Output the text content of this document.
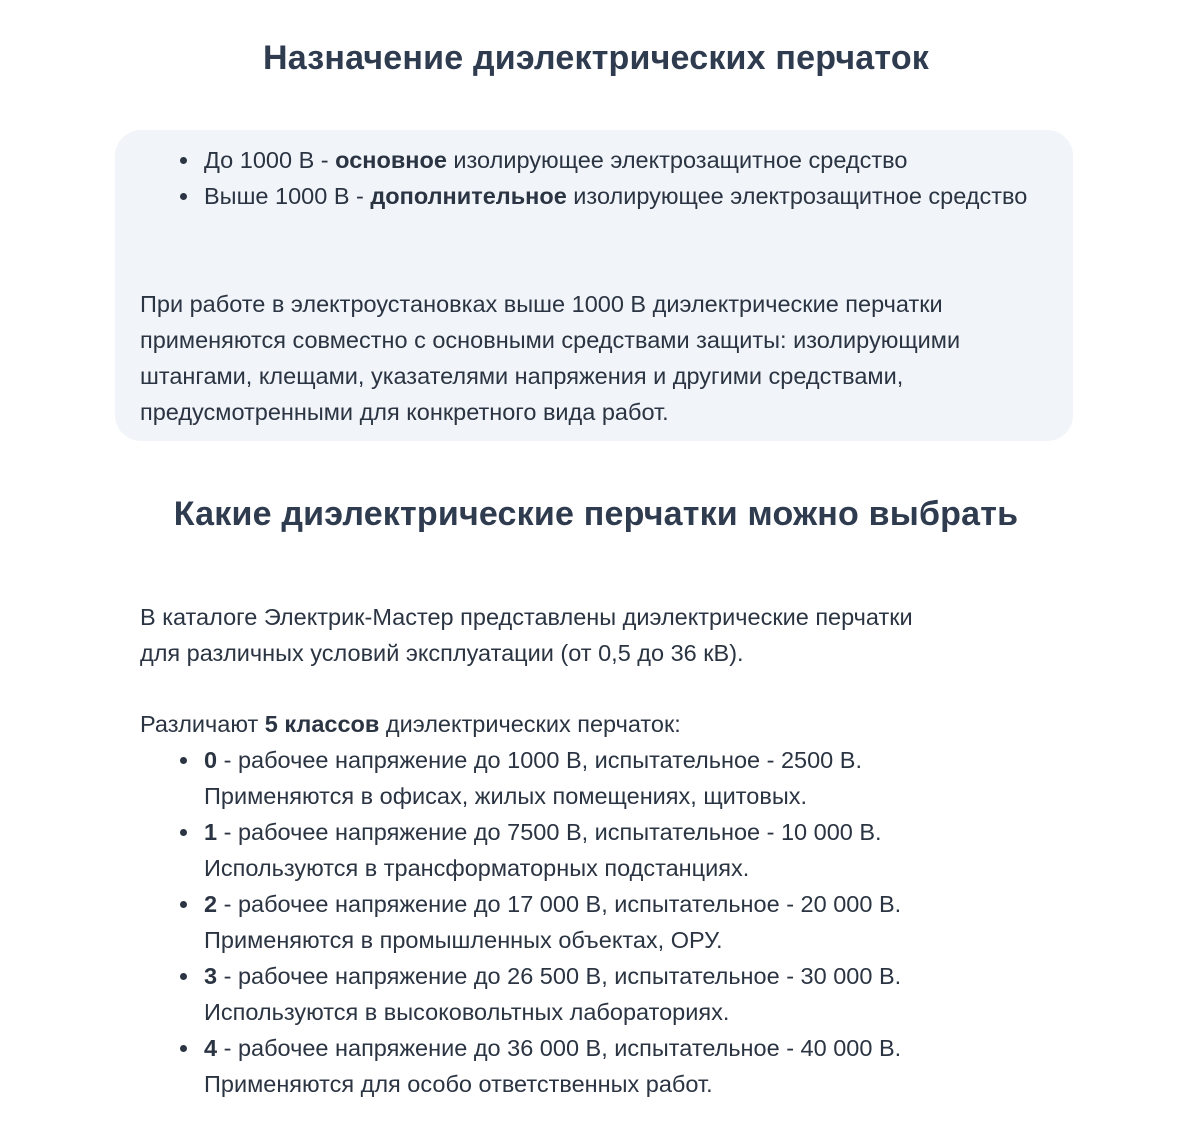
Назначение диэлектрических перчаток
До 1000 В - основное изолирующее электрозащитное средство
Выше 1000 В - дополнительное изолирующее электрозащитное средство

При работе в электроустановках выше 1000 В диэлектрические перчатки
применяются совместно с основными средствами защиты: изолирующими
штангами, клещами, указателями напряжения и другими средствами,
предусмотренными для конкретного вида работ.

Какие диэлектрические перчатки можно выбрать

В каталоге Электрик-Мастер представлены диэлектрические перчатки
для различных условий эксплуатации (от 0,5 до 36 кВ).

Различают 5 классов диэлектрических перчаток:

0 - рабочее напряжение до 1000 В, испытательное - 2500 В.
Применяются в офисах, жилых помещениях, щитовых.
1 - рабочее напряжение до 7500 В, испытательное - 10 000 В.
Используются в трансформаторных подстанциях.
2 - рабочее напряжение до 17 000 В, испытательное - 20 000 В.
Применяются в промышленных объектах, ОРУ.
3 - рабочее напряжение до 26 500 В, испытательное - 30 000 В.
Используются в высоковольтных лабораториях.
4 - рабочее напряжение до 36 000 В, испытательное - 40 000 В.
Применяются для особо ответственных работ.
